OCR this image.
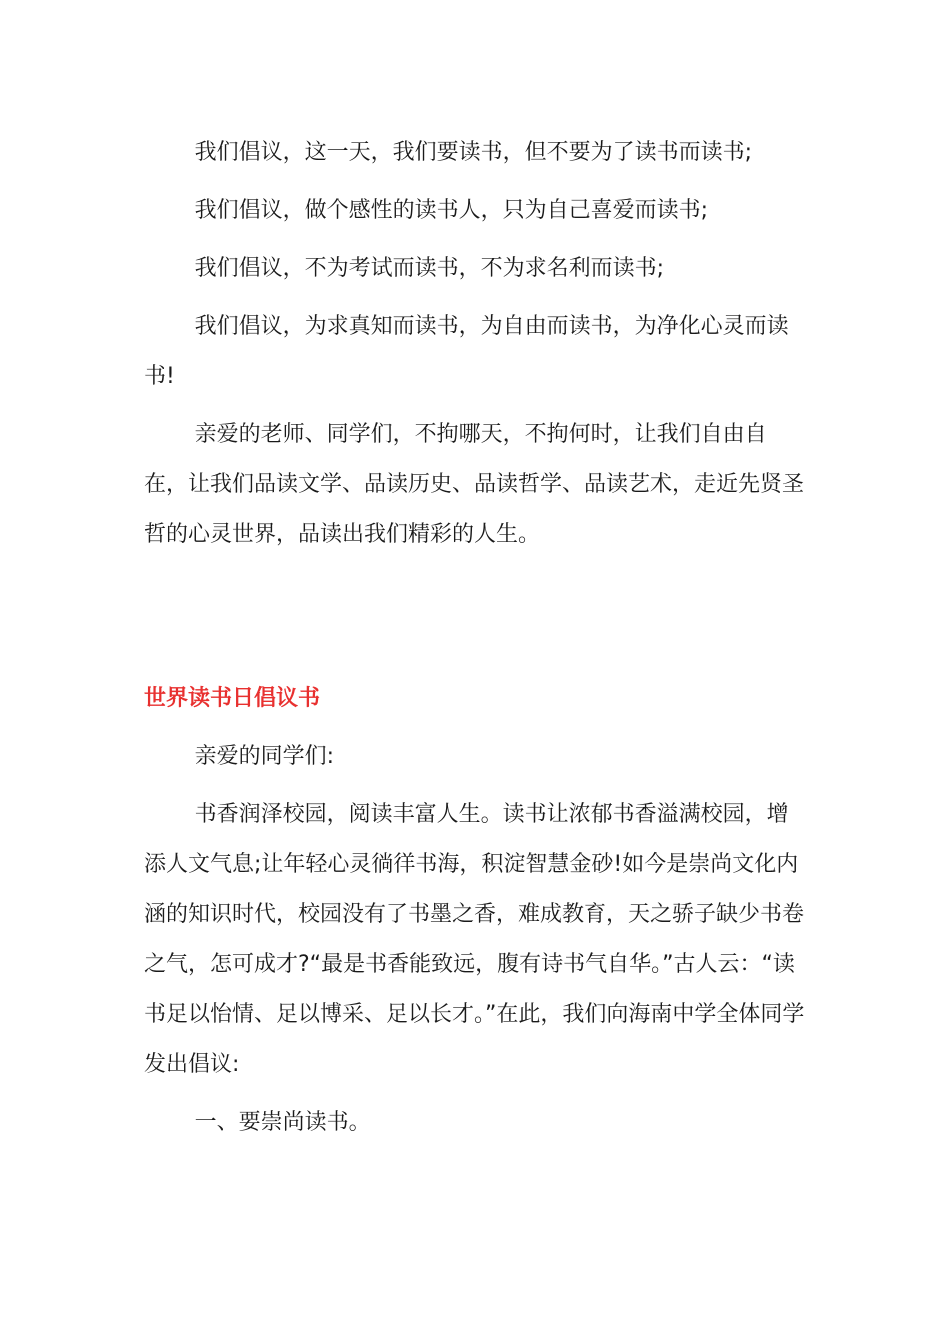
我们倡议，这一天，我们要读书，但不要为了读书而读书;

我们倡议，做个感性的读书人，只为自己喜爱而读书;

我们倡议，不为考试而读书，不为求名利而读书;

我们倡议，为求真知而读书，为自由而读书，为净化心灵而读书!

亲爱的老师、同学们，不拘哪天，不拘何时，让我们自由自在，让我们品读文学、品读历史、品读哲学、品读艺术，走近先贤圣哲的心灵世界，品读出我们精彩的人生。

世界读书日倡议书

亲爱的同学们:

书香润泽校园，阅读丰富人生。读书让浓郁书香溢满校园，增添人文气息;让年轻心灵徜徉书海，积淀智慧金砂!如今是崇尚文化内涵的知识时代，校园没有了书墨之香，难成教育，天之骄子缺少书卷之气，怎可成才?“最是书香能致远，腹有诗书气自华。”古人云：“读书足以怡情、足以博采、足以长才。”在此，我们向海南中学全体同学发出倡议:

一、要崇尚读书。
